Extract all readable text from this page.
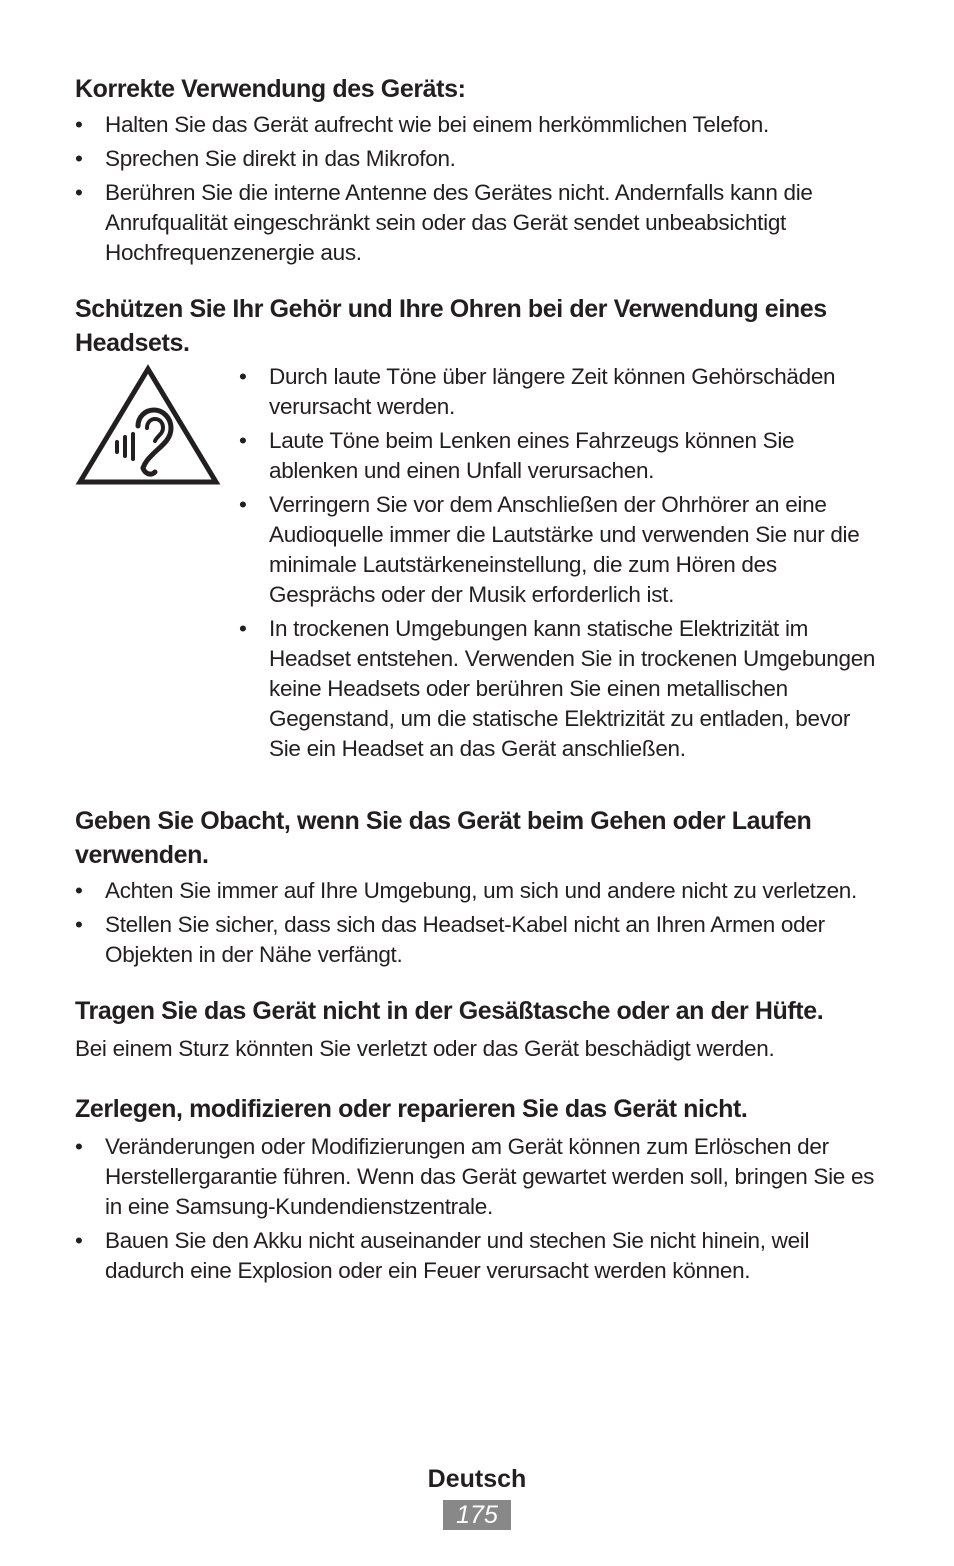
Korrekte Verwendung des Geräts:
• Halten Sie das Gerät aufrecht wie bei einem herkömmlichen Telefon.
• Sprechen Sie direkt in das Mikrofon.
• Berühren Sie die interne Antenne des Gerätes nicht. Andernfalls kann die Anrufqualität eingeschränkt sein oder das Gerät sendet unbeabsichtigt Hochfrequenzenergie aus.
Schützen Sie Ihr Gehör und Ihre Ohren bei der Verwendung eines Headsets.
• Durch laute Töne über längere Zeit können Gehörschäden verursacht werden.
• Laute Töne beim Lenken eines Fahrzeugs können Sie ablenken und einen Unfall verursachen.
• Verringern Sie vor dem Anschließen der Ohrhörer an eine Audioquelle immer die Lautstärke und verwenden Sie nur die minimale Lautstärkeneinstellung, die zum Hören des Gesprächs oder der Musik erforderlich ist.
• In trockenen Umgebungen kann statische Elektrizität im Headset entstehen. Verwenden Sie in trockenen Umgebungen keine Headsets oder berühren Sie einen metallischen Gegenstand, um die statische Elektrizität zu entladen, bevor Sie ein Headset an das Gerät anschließen.
Geben Sie Obacht, wenn Sie das Gerät beim Gehen oder Laufen verwenden.
• Achten Sie immer auf Ihre Umgebung, um sich und andere nicht zu verletzen.
• Stellen Sie sicher, dass sich das Headset-Kabel nicht an Ihren Armen oder Objekten in der Nähe verfängt.
Tragen Sie das Gerät nicht in der Gesäßtasche oder an der Hüfte.

Bei einem Sturz könnten Sie verletzt oder das Gerät beschädigt werden.

Zerlegen, modifizieren oder reparieren Sie das Gerät nicht.
• Veränderungen oder Modifizierungen am Gerät können zum Erlöschen der Herstellergarantie führen. Wenn das Gerät gewartet werden soll, bringen Sie es in eine Samsung-Kundendienstzentrale.
• Bauen Sie den Akku nicht auseinander und stechen Sie nicht hinein, weil dadurch eine Explosion oder ein Feuer verursacht werden können.
Deutsch
175
